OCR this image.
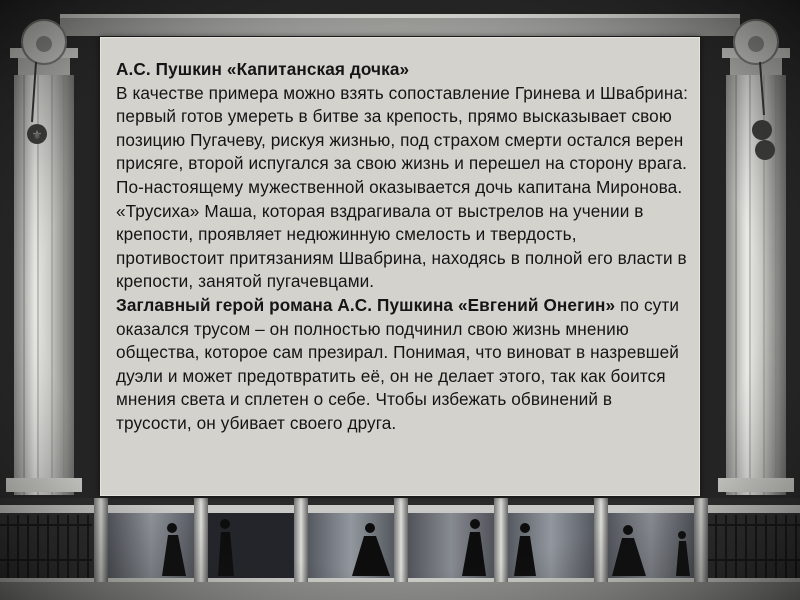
А.С. Пушкин «Капитанская дочка»

В качестве примера можно взять сопоставление Гринева и Швабрина: первый готов умереть в битве за крепость, прямо высказывает свою позицию Пугачеву, рискуя жизнью, под страхом смерти остался верен присяге, второй испугался за свою жизнь и перешел на сторону врага. По-настоящему мужественной оказывается дочь капитана Миронова. «Трусиха» Маша, которая вздрагивала от выстрелов на учении в крепости, проявляет недюжинную смелость и твердость, противостоит притязаниям Швабрина, находясь в полной его власти в крепости, занятой пугачевцами.

Заглавный герой романа А.С. Пушкина «Евгений Онегин» по сути оказался трусом – он полностью подчинил свою жизнь мнению общества, которое сам презирал. Понимая, что виноват в назревшей дуэли и может предотвратить её, он не делает этого, так как боится мнения света и сплетен о себе. Чтобы избежать обвинений в трусости, он убивает своего друга.
